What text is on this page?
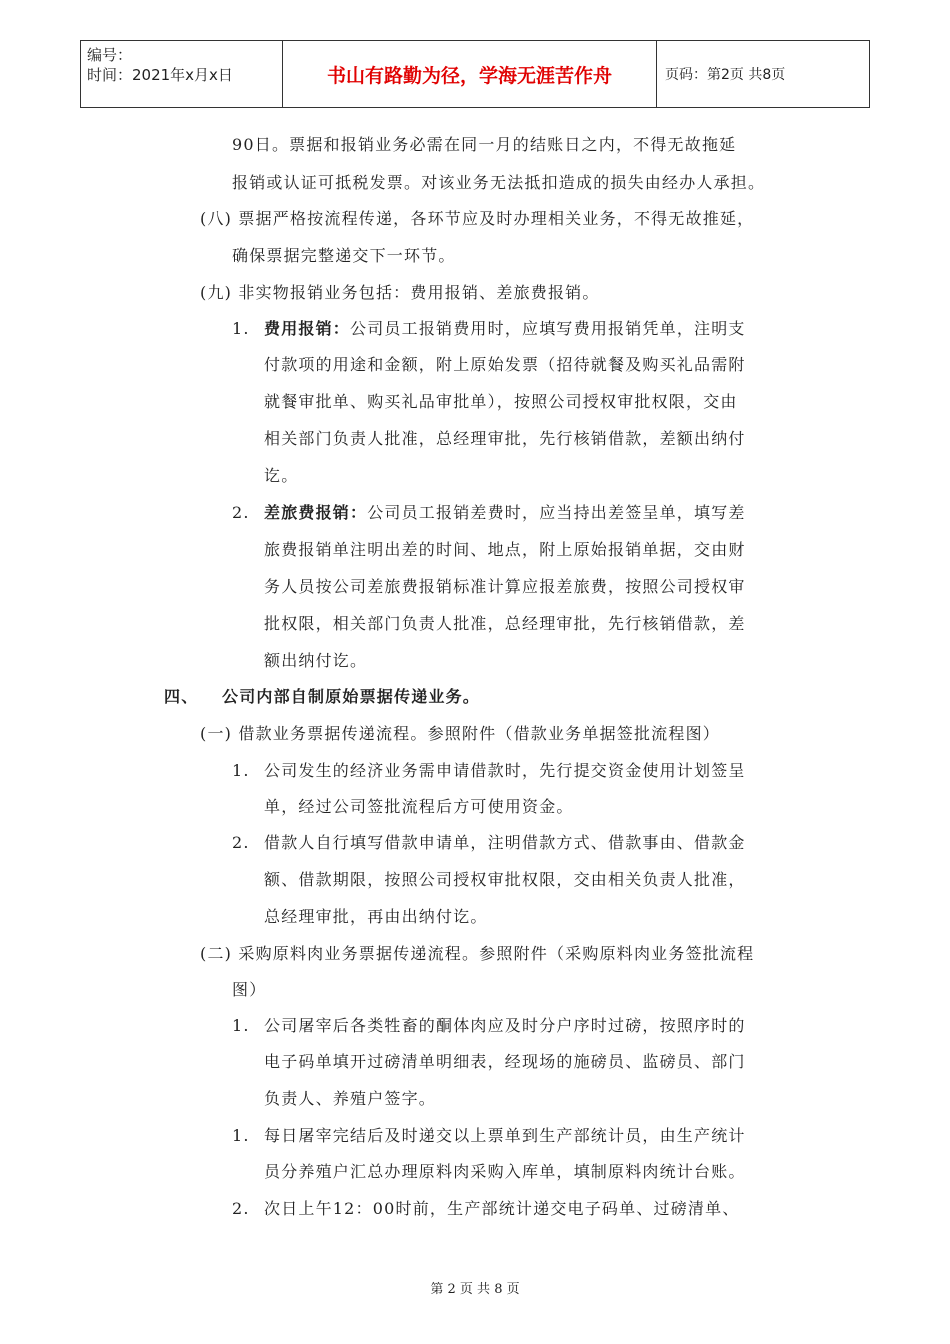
编号：
时间：2021年x月x日	书山有路勤为径，学海无涯苦作舟	页码：第2页 共8页
90日。票据和报销业务必需在同一月的结账日之内，不得无故拖延
报销或认证可抵税发票。对该业务无法抵扣造成的损失由经办人承担。
(八) 票据严格按流程传递，各环节应及时办理相关业务，不得无故推延，
确保票据完整递交下一环节。
(九) 非实物报销业务包括：费用报销、差旅费报销。
1. 费用报销：公司员工报销费用时，应填写费用报销凭单，注明支
付款项的用途和金额，附上原始发票（招待就餐及购买礼品需附
就餐审批单、购买礼品审批单），按照公司授权审批权限，交由
相关部门负责人批准，总经理审批，先行核销借款，差额出纳付
讫。
2. 差旅费报销：公司员工报销差费时，应当持出差签呈单，填写差
旅费报销单注明出差的时间、地点，附上原始报销单据，交由财
务人员按公司差旅费报销标准计算应报差旅费，按照公司授权审
批权限，相关部门负责人批准，总经理审批，先行核销借款，差
额出纳付讫。
四、 公司内部自制原始票据传递业务。
(一) 借款业务票据传递流程。参照附件（借款业务单据签批流程图）
1. 公司发生的经济业务需申请借款时，先行提交资金使用计划签呈
单，经过公司签批流程后方可使用资金。
2. 借款人自行填写借款申请单，注明借款方式、借款事由、借款金
额、借款期限，按照公司授权审批权限，交由相关负责人批准，
总经理审批，再由出纳付讫。
(二) 采购原料肉业务票据传递流程。参照附件（采购原料肉业务签批流程
图）
1. 公司屠宰后各类牲畜的酮体肉应及时分户序时过磅，按照序时的
电子码单填开过磅清单明细表，经现场的施磅员、监磅员、部门
负责人、养殖户签字。
1. 每日屠宰完结后及时递交以上票单到生产部统计员，由生产统计
员分养殖户汇总办理原料肉采购入库单，填制原料肉统计台账。
2. 次日上午12：00时前，生产部统计递交电子码单、过磅清单、
第 2 页 共 8 页
